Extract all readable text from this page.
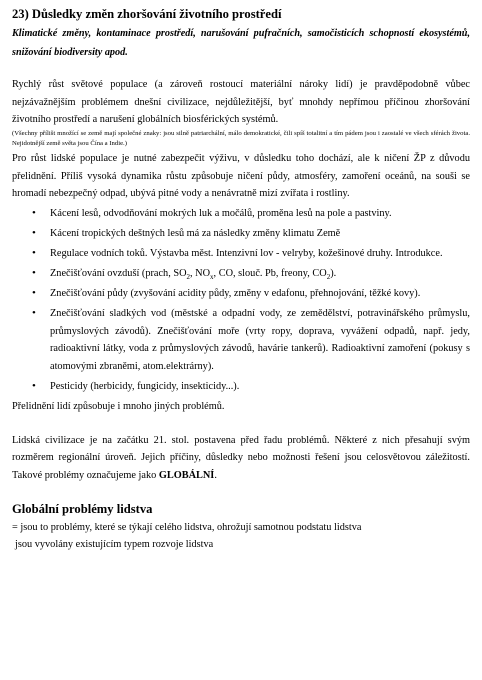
23) Důsledky změn zhoršování životního prostředí

Klimatické změny, kontaminace prostředí, narušování pufračních, samočisticích schopností ekosystémů, snižování biodiversity apod.

Rychlý růst světové populace (a zároveň rostoucí materiální nároky lidí) je pravděpodobně vůbec nejzávažnějším problémem dnešní civilizace, nejdůležitější, byť mnohdy nepřímou příčinou zhoršování životního prostředí a narušení globálních biosférických systémů.

(Všechny přílišt množící se země mají společné znaky: jsou silně patriarchální, málo demokratické, čili spíš totalitní a tím pádem jsou i zaostalé ve všech sférách života. Nejidotnější země světa jsou Čína a Indie.)

Pro růst lidské populace je nutné zabezpečit výživu, v důsledku toho dochází, ale k ničení ŽP z důvodu přelidnění. Příliš vysoká dynamika růstu způsobuje ničení půdy, atmosféry, zamoření oceánů, na souši se hromadí nebezpečný odpad, ubývá pitné vody a nenávratně mizí zvířata i rostliny.

• Kácení lesů, odvodňování mokrých luk a močálů, proměna lesů na pole a pastviny.
• Kácení tropických deštných lesů má za následky změny klimatu Země
• Regulace vodních toků. Výstavba měst. Intenzivní lov - velryby, kožešinové druhy. Introdukce.
• Znečišťování ovzduší (prach, $SO_2$, $NO_x$, CO, slouč. Pb, freony, $CO_2$).
• Znečišťování půdy (zvyšování acidity půdy, změny v edafonu, přehnojování, těžké kovy).
• Znečišťování sladkých vod (městské a odpadní vody, ze zemědělství, potravinářského průmyslu, průmyslových závodů). Znečišťování moře (vrty ropy, doprava, vyvážení odpadů, např. jedy, radioaktivní látky, voda z průmyslových závodů, havárie tankerů). Radioaktivní zamoření (pokusy s atomovými zbraněmi, atom.elektrárny).
• Pesticidy (herbicidy, fungicidy, insekticidy...).

Přelidnění lidí způsobuje i mnoho jiných problémů.

Lidská civilizace je na začátku 21. stol. postavena před řadu problémů. Některé z nich přesahují svým rozměrem regionální úroveň. Jejich příčiny, důsledky nebo možnosti řešení jsou celosvětovou záležitostí. Takové problémy označujeme jako GLOBÁLNÍ.

Globální problémy lidstva

= jsou to problémy, které se týkají celého lidstva, ohrožují samotnou podstatu lidstva

jsou vyvolány existujícím typem rozvoje lidstva
